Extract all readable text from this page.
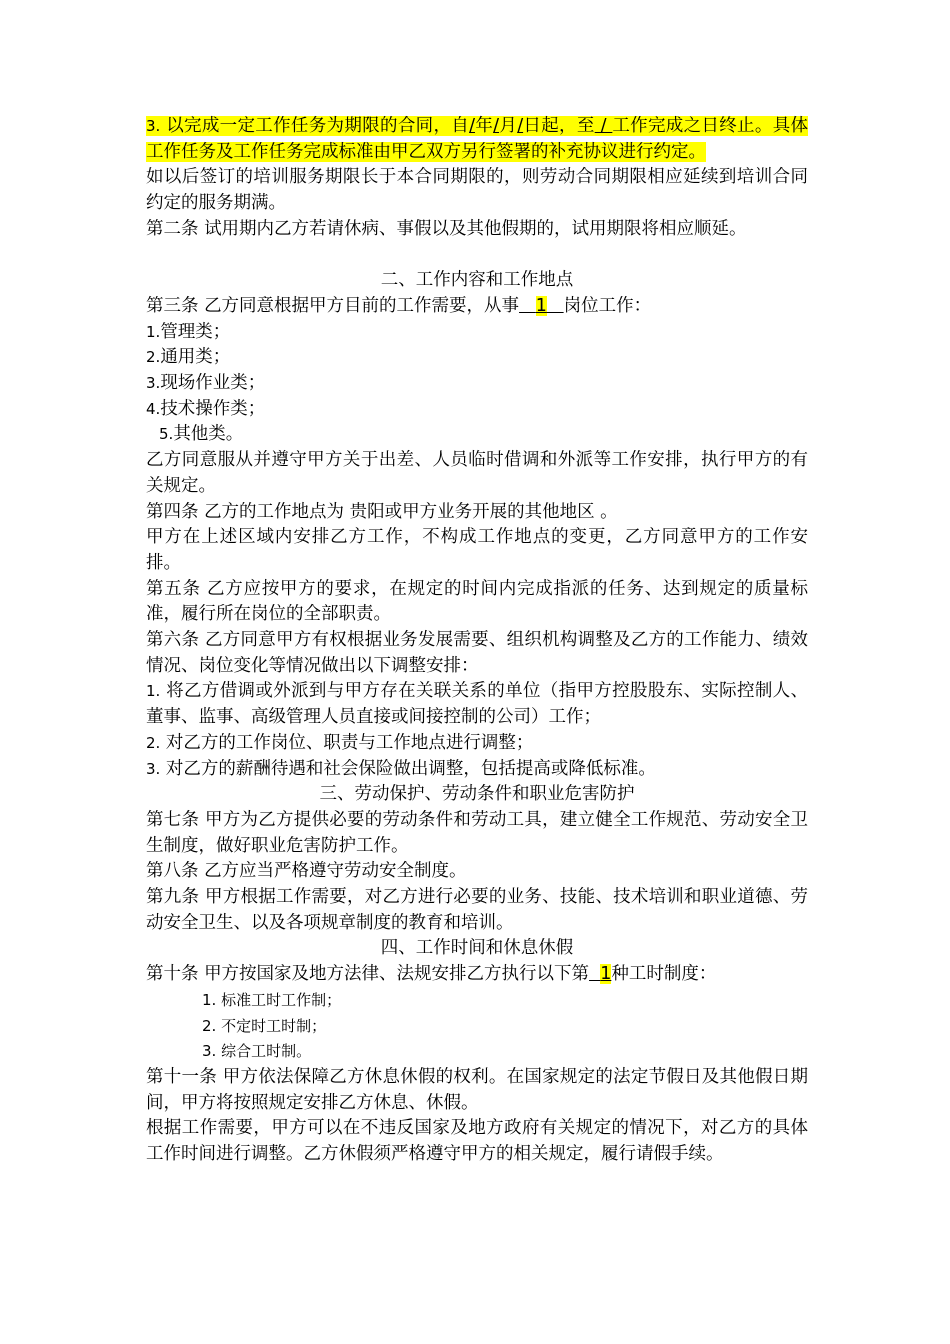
3. 以完成一定工作任务为期限的合同，自/年/月/日起，至 / 工作完成之日终止。具体工作任务及工作任务完成标准由甲乙双方另行签署的补充协议进行约定。

如以后签订的培训服务期限长于本合同期限的，则劳动合同期限相应延续到培训合同约定的服务期满。

第二条 试用期内乙方若请休病、事假以及其他假期的，试用期限将相应顺延。

二、工作内容和工作地点

第三条 乙方同意根据甲方目前的工作需要，从事 1 岗位工作：

1.管理类；

2.通用类；

3.现场作业类；

4.技术操作类；

5.其他类。

乙方同意服从并遵守甲方关于出差、人员临时借调和外派等工作安排，执行甲方的有关规定。

第四条 乙方的工作地点为 贵阳或甲方业务开展的其他地区 。

甲方在上述区域内安排乙方工作，不构成工作地点的变更，乙方同意甲方的工作安排。

第五条 乙方应按甲方的要求，在规定的时间内完成指派的任务、达到规定的质量标准，履行所在岗位的全部职责。

第六条 乙方同意甲方有权根据业务发展需要、组织机构调整及乙方的工作能力、绩效情况、岗位变化等情况做出以下调整安排：

1. 将乙方借调或外派到与甲方存在关联关系的单位（指甲方控股股东、实际控制人、董事、监事、高级管理人员直接或间接控制的公司）工作；

2. 对乙方的工作岗位、职责与工作地点进行调整；

3. 对乙方的薪酬待遇和社会保险做出调整，包括提高或降低标准。

三、劳动保护、劳动条件和职业危害防护

第七条 甲方为乙方提供必要的劳动条件和劳动工具，建立健全工作规范、劳动安全卫生制度，做好职业危害防护工作。

第八条 乙方应当严格遵守劳动安全制度。

第九条 甲方根据工作需要，对乙方进行必要的业务、技能、技术培训和职业道德、劳动安全卫生、以及各项规章制度的教育和培训。

四、工作时间和休息休假

第十条 甲方按国家及地方法律、法规安排乙方执行以下第 1种工时制度：

1. 标准工时工作制；

2. 不定时工时制；

3. 综合工时制。

第十一条 甲方依法保障乙方休息休假的权利。在国家规定的法定节假日及其他假日期间，甲方将按照规定安排乙方休息、休假。

根据工作需要，甲方可以在不违反国家及地方政府有关规定的情况下，对乙方的具体工作时间进行调整。乙方休假须严格遵守甲方的相关规定，履行请假手续。
